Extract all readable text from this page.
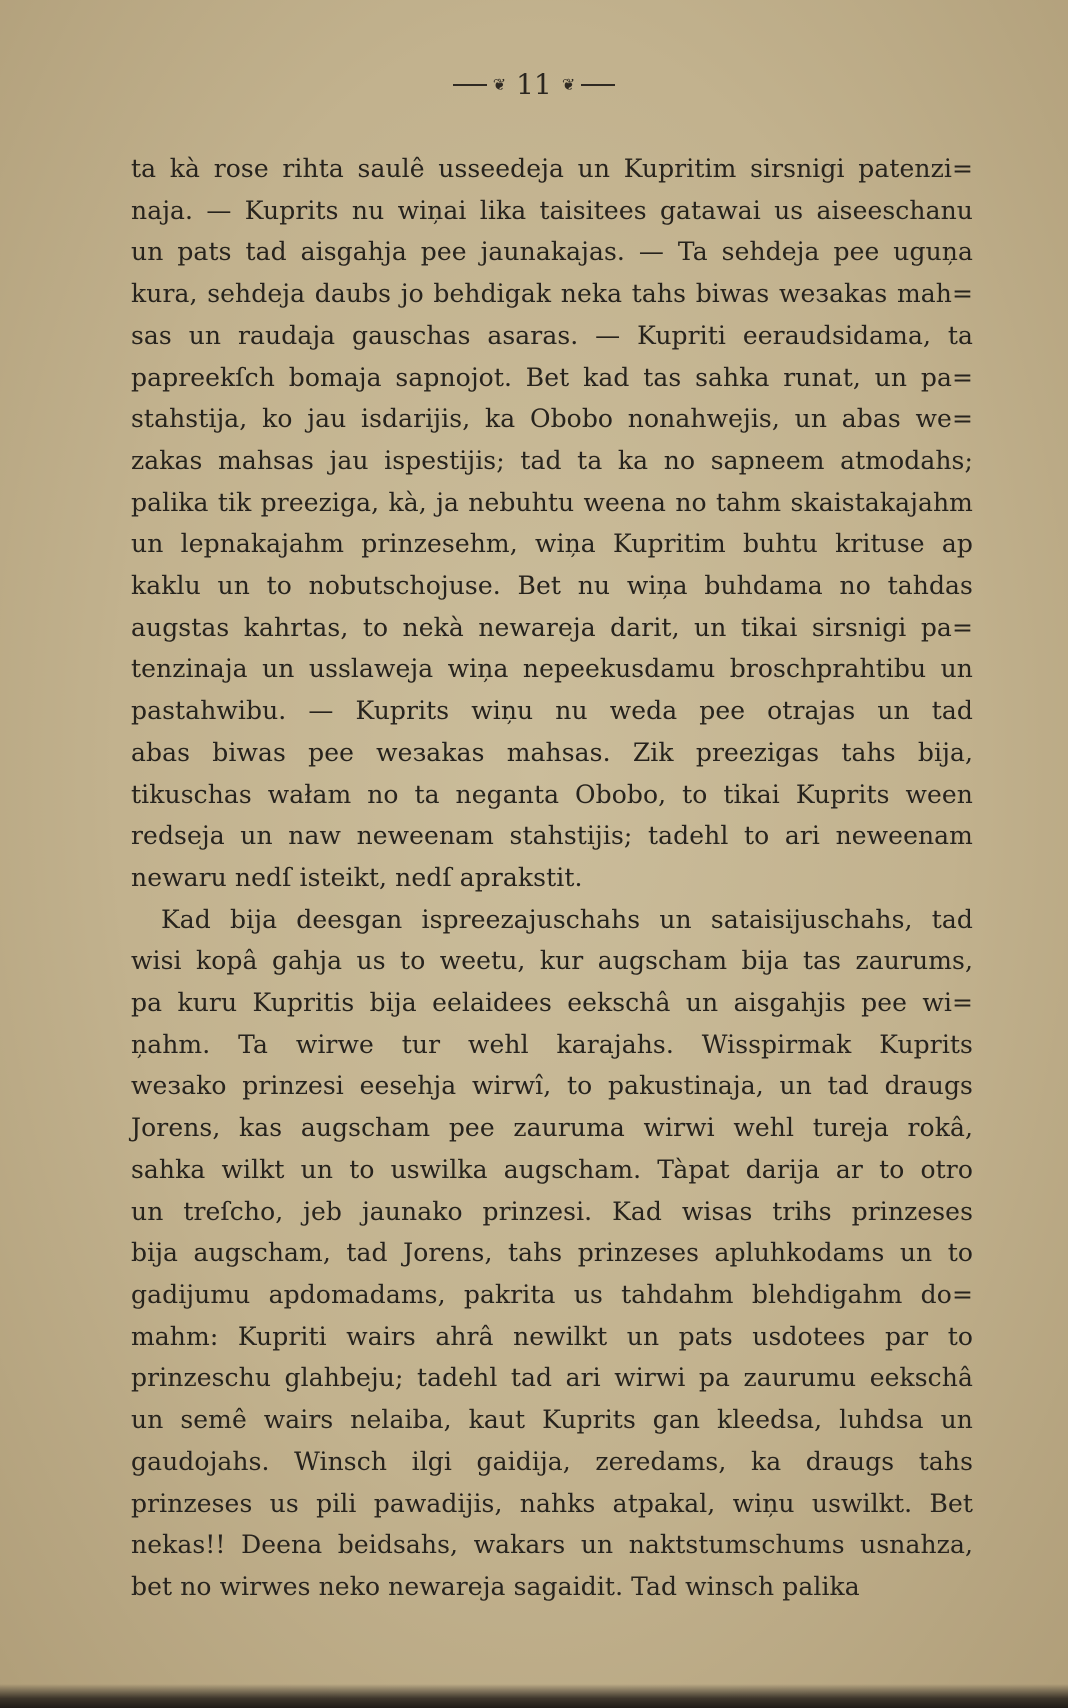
❦ 11 ❦
ta kà rose rihta saulê usseedeja un Kupritim sirsnigi patenzi=
naja. — Kuprits nu wiņai lika taisitees gatawai us aiseeschanu
un pats tad aisgahja pee jaunakajas. — Ta sehdeja pee uguņa
kura, sehdeja daubs jo behdigak neka tahs biwas weзakas mah=
sas un raudaja gauschas asaras. — Kupriti eeraudsidama, ta
papreekſch bomaja sapnojot. Bet kad tas sahka runat, un pa=
stahstija, ko jau isdarijis, ka Obobo nonahwejis, un abas we=
zakas mahsas jau ispestijis; tad ta ka no sapneem atmodahs;
palika tik preeziga, kà, ja nebuhtu weena no tahm skaistakajahm
un lepnakajahm prinzesehm, wiņa Kupritim buhtu krituse ap
kaklu un to nobutschojuse. Bet nu wiņa buhdama no tahdas
augstas kahrtas, to nekà newareja darit, un tikai sirsnigi pa=
tenzinaja un usslaweja wiņa nepeekusdamu broschprahtibu un
pastahwibu. — Kuprits wiņu nu weda pee otrajas un tad
abas biwas pee weзakas mahsas. Zik preezigas tahs bija,
tikuschas wałam no ta neganta Obobo, to tikai Kuprits ween
redseja un naw neweenam stahstijis; tadehl to ari neweenam
newaru nedſ isteikt, nedſ aprakstit.
Kad bija deesgan ispreezajuschahs un sataisijuschahs, tad
wisi kopâ gahja us to weetu, kur augscham bija tas zaurums,
pa kuru Kupritis bija eelaidees eekschâ un aisgahjis pee wi=
ņahm. Ta wirwe tur wehl karajahs. Wisspirmak Kuprits
weзako prinzesi eesehja wirwî, to pakustinaja, un tad draugs
Jorens, kas augscham pee zauruma wirwi wehl tureja rokâ,
sahka wilkt un to uswilka augscham. Tàpat darija ar to otro
un treſcho, jeb jaunako prinzesi. Kad wisas trihs prinzeses
bija augscham, tad Jorens, tahs prinzeses apluhkodams un to
gadijumu apdomadams, pakrita us tahdahm blehdigahm do=
mahm: Kupriti wairs ahrâ newilkt un pats usdotees par to
prinzeschu glahbeju; tadehl tad ari wirwi pa zaurumu eekschâ
un semê wairs nelaiba, kaut Kuprits gan kleedsa, luhdsa un
gaudojahs. Winsch ilgi gaidija, zeredams, ka draugs tahs
prinzeses us pili pawadijis, nahks atpakal, wiņu uswilkt. Bet
nekas!! Deena beidsahs, wakars un naktstumschums usnahza,
bet no wirwes neko newareja sagaidit. Tad winsch palika
